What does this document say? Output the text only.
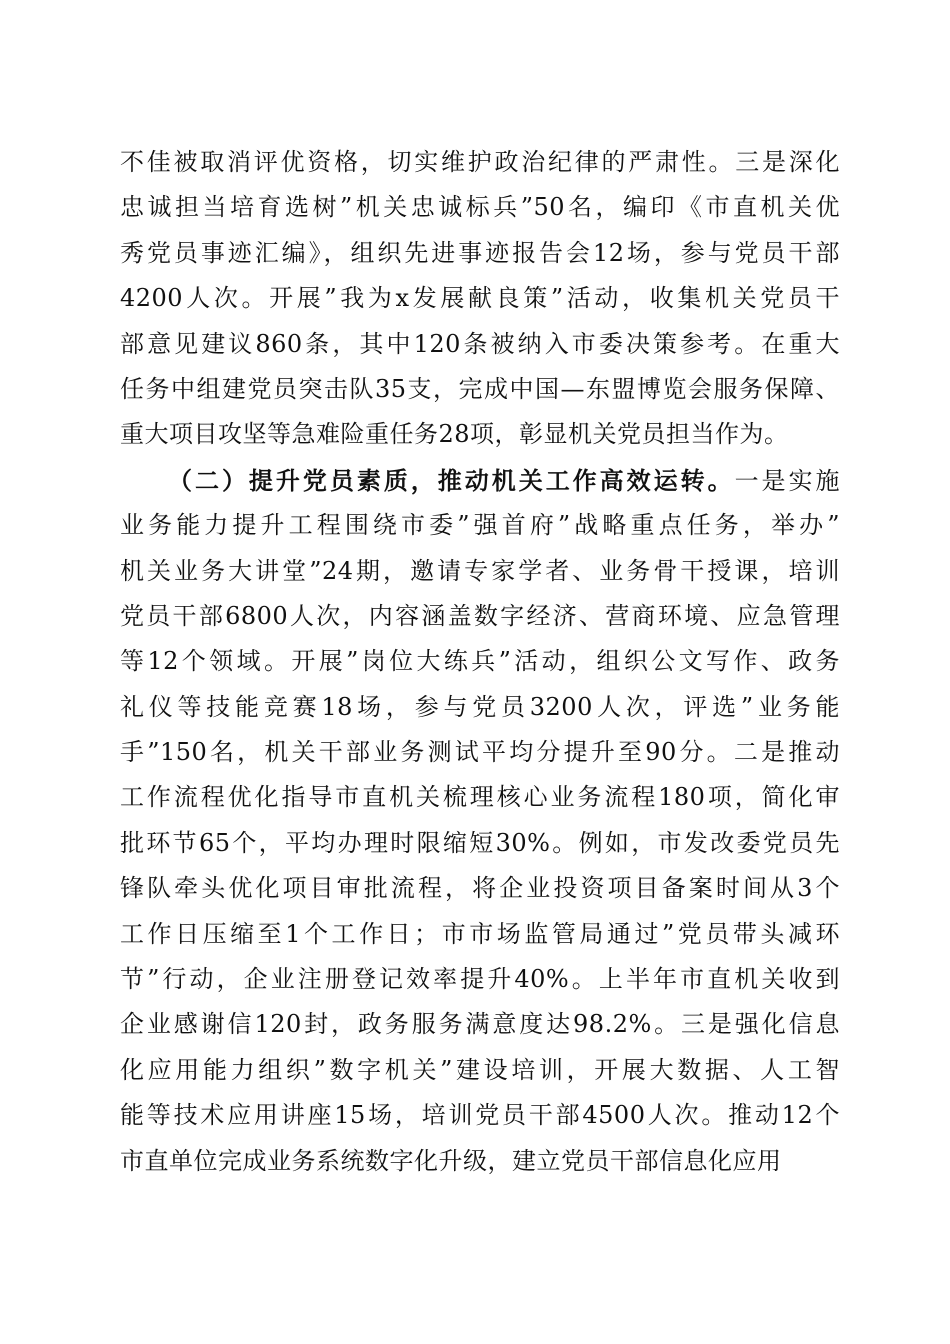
不佳被取消评优资格，切实维护政治纪律的严肃性。三是深化
忠诚担当培育选树”机关忠诚标兵”50名，编印《市直机关优
秀党员事迹汇编》，组织先进事迹报告会12场，参与党员干部
4200人次。开展”我为x发展献良策”活动，收集机关党员干
部意见建议860条，其中120条被纳入市委决策参考。在重大
任务中组建党员突击队35支，完成中国—东盟博览会服务保障、
重大项目攻坚等急难险重任务28项，彰显机关党员担当作为。
（二）提升党员素质，推动机关工作高效运转。一是实施
业务能力提升工程围绕市委”强首府”战略重点任务，举办”
机关业务大讲堂”24期，邀请专家学者、业务骨干授课，培训
党员干部6800人次，内容涵盖数字经济、营商环境、应急管理
等12个领域。开展”岗位大练兵”活动，组织公文写作、政务
礼仪等技能竞赛18场，参与党员3200人次，评选”业务能
手”150名，机关干部业务测试平均分提升至90分。二是推动
工作流程优化指导市直机关梳理核心业务流程180项，简化审
批环节65个，平均办理时限缩短30%。例如，市发改委党员先
锋队牵头优化项目审批流程，将企业投资项目备案时间从3个
工作日压缩至1个工作日；市市场监管局通过”党员带头减环
节”行动，企业注册登记效率提升40%。上半年市直机关收到
企业感谢信120封，政务服务满意度达98.2%。三是强化信息
化应用能力组织”数字机关”建设培训，开展大数据、人工智
能等技术应用讲座15场，培训党员干部4500人次。推动12个
市直单位完成业务系统数字化升级，建立党员干部信息化应用
